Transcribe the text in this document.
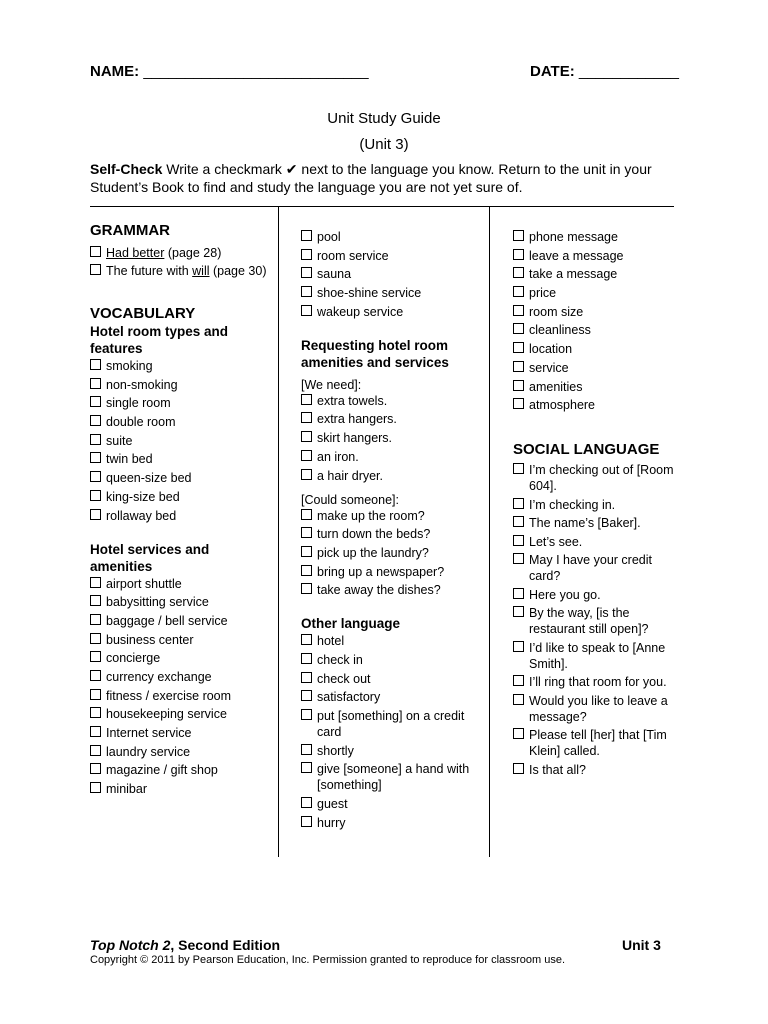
NAME: ___________________________	DATE: ____________
Unit Study Guide
(Unit 3)
Self-Check Write a checkmark ✔ next to the language you know. Return to the unit in your Student’s Book to find and study the language you are not yet sure of.
GRAMMAR
Had better (page 28)
The future with will (page 30)
VOCABULARY
Hotel room types and features
smoking
non-smoking
single room
double room
suite
twin bed
queen-size bed
king-size bed
rollaway bed
Hotel services and amenities
airport shuttle
babysitting service
baggage / bell service
business center
concierge
currency exchange
fitness / exercise room
housekeeping service
Internet service
laundry service
magazine / gift shop
minibar
pool
room service
sauna
shoe-shine service
wakeup service
Requesting hotel room amenities and services
[We need]:
extra towels.
extra hangers.
skirt hangers.
an iron.
a hair dryer.
[Could someone]:
make up the room?
turn down the beds?
pick up the laundry?
bring up a newspaper?
take away the dishes?
Other language
hotel
check in
check out
satisfactory
put [something] on a credit card
shortly
give [someone] a hand with [something]
guest
hurry
phone message
leave a message
take a message
price
room size
cleanliness
location
service
amenities
atmosphere
SOCIAL LANGUAGE
I’m checking out of [Room 604].
I’m checking in.
The name’s [Baker].
Let’s see.
May I have your credit card?
Here you go.
By the way, [is the restaurant still open]?
I’d like to speak to [Anne Smith].
I’ll ring that room for you.
Would you like to leave a message?
Please tell [her] that [Tim Klein] called.
Is that all?
Top Notch 2, Second Edition	Unit 3
Copyright © 2011 by Pearson Education, Inc. Permission granted to reproduce for classroom use.
